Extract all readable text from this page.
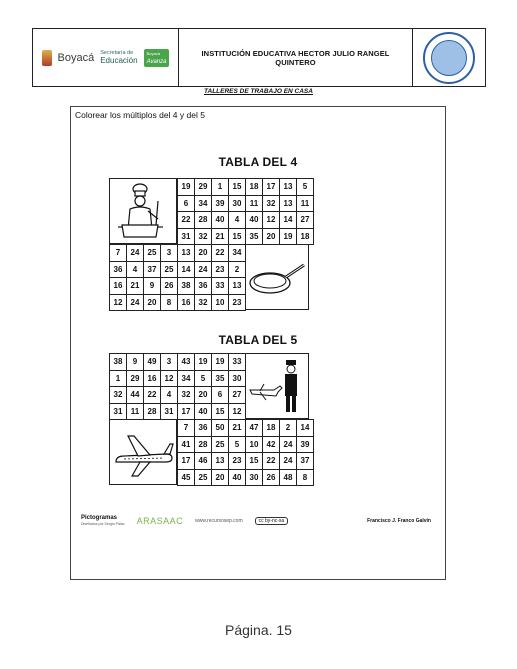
Boyacá Secretaría de
Educación
Boyacá
Avanza
INSTITUCIÓN EDUCATIVA HECTOR JULIO RANGEL
QUINTERO
TALLERES DE TRABAJO EN CASA
Colorear los múltiplos del 4 y del 5
TABLA DEL 4
19	29	1	15	18	17	13	5
6	34	39	30	11	32	13	11
22	28	40	4	40	12	14	27
31	32	21	15	35	20	19	18
7	24	25	3	13	20	22	34
36	4	37	25	14	24	23	2
16	21	9	26	38	36	33	13
12	24	20	8	16	32	10	23
TABLA DEL 5
38	9	49	3	43	19	19	33
1	29	16	12	34	5	35	30
32	44	22	4	32	20	6	27
31	11	28	31	17	40	15	12
7	36	50	21	47	18	2	14
41	28	25	5	10	42	24	39
17	46	13	23	15	22	24	37
45	25	20	40	30	26	48	8
Pictogramas
Diseñados por Sergio Palao ARASAAC www.recursosep.com	cc by-nc-sa	Francisco J. Franco Galvín
Página. 15
